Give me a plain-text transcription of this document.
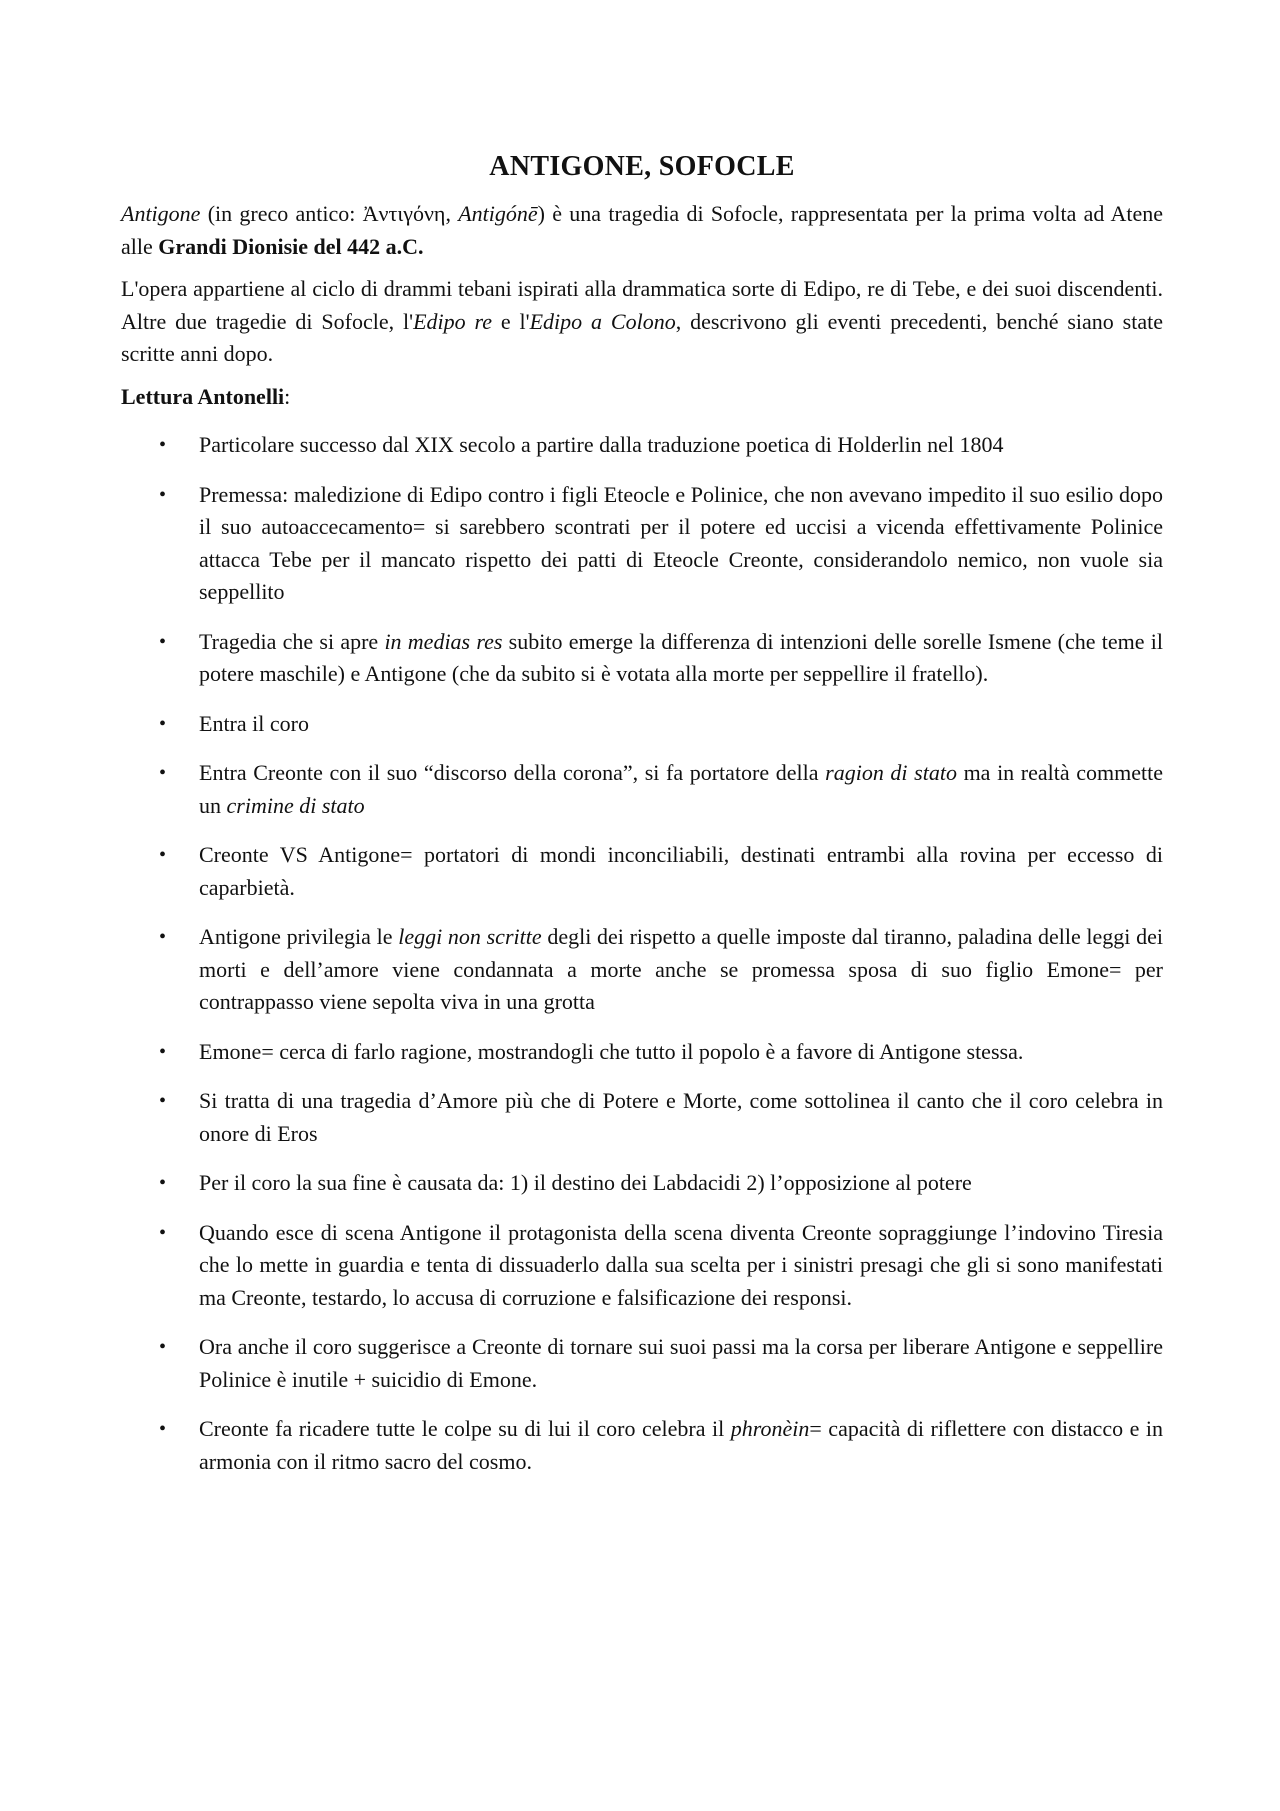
ANTIGONE, SOFOCLE

Antigone (in greco antico: Ἀντιγόνη, Antigónē) è una tragedia di Sofocle, rappresentata per la prima volta ad Atene alle Grandi Dionisie del 442 a.C.

L'opera appartiene al ciclo di drammi tebani ispirati alla drammatica sorte di Edipo, re di Tebe, e dei suoi discendenti. Altre due tragedie di Sofocle, l'Edipo re e l'Edipo a Colono, descrivono gli eventi precedenti, benché siano state scritte anni dopo.

Lettura Antonelli:
• Particolare successo dal XIX secolo a partire dalla traduzione poetica di Holderlin nel 1804
• Premessa: maledizione di Edipo contro i figli Eteocle e Polinice, che non avevano impedito il suo esilio dopo il suo autoaccecamento= si sarebbero scontrati per il potere ed uccisi a vicenda effettivamente Polinice attacca Tebe per il mancato rispetto dei patti di Eteocle Creonte, considerandolo nemico, non vuole sia seppellito
• Tragedia che si apre in medias res subito emerge la differenza di intenzioni delle sorelle Ismene (che teme il potere maschile) e Antigone (che da subito si è votata alla morte per seppellire il fratello).
• Entra il coro
• Entra Creonte con il suo “discorso della corona”, si fa portatore della ragion di stato ma in realtà commette un crimine di stato
• Creonte VS Antigone= portatori di mondi inconciliabili, destinati entrambi alla rovina per eccesso di caparbietà.
• Antigone privilegia le leggi non scritte degli dei rispetto a quelle imposte dal tiranno, paladina delle leggi dei morti e dell’amore viene condannata a morte anche se promessa sposa di suo figlio Emone= per contrappasso viene sepolta viva in una grotta
• Emone= cerca di farlo ragione, mostrandogli che tutto il popolo è a favore di Antigone stessa.
• Si tratta di una tragedia d’Amore più che di Potere e Morte, come sottolinea il canto che il coro celebra in onore di Eros
• Per il coro la sua fine è causata da: 1) il destino dei Labdacidi 2) l’opposizione al potere
• Quando esce di scena Antigone il protagonista della scena diventa Creonte sopraggiunge l’indovino Tiresia che lo mette in guardia e tenta di dissuaderlo dalla sua scelta per i sinistri presagi che gli si sono manifestati ma Creonte, testardo, lo accusa di corruzione e falsificazione dei responsi.
• Ora anche il coro suggerisce a Creonte di tornare sui suoi passi ma la corsa per liberare Antigone e seppellire Polinice è inutile + suicidio di Emone.
• Creonte fa ricadere tutte le colpe su di lui il coro celebra il phronèin= capacità di riflettere con distacco e in armonia con il ritmo sacro del cosmo.
